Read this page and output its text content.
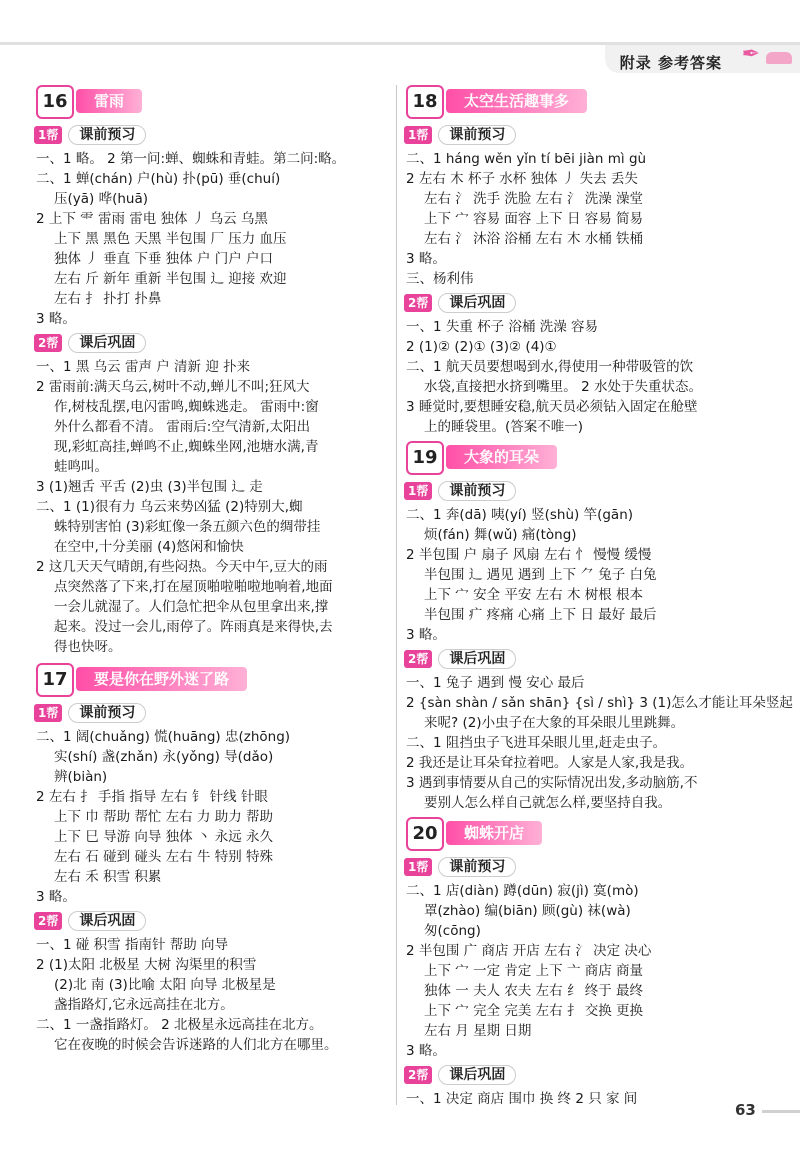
附录 参考答案 ✒
16	雷雨
1帮	课前预习
一、1 略。 2 第一问:蝉、蜘蛛和青蛙。第二问:略。
二、1 蝉(chán) 户(hù) 扑(pū) 垂(chuí)
压(yā) 哗(huā)
2 上下 ⻗ 雷雨 雷电 独体 丿 乌云 乌黑
上下 黑 黑色 天黑 半包围 厂 压力 血压
独体 丿 垂直 下垂 独体 户 门户 户口
左右 斤 新年 重新 半包围 辶 迎接 欢迎
左右 扌 扑打 扑鼻
3 略。
2帮	课后巩固
一、1 黑 乌云 雷声 户 清新 迎 扑来
2 雷雨前:满天乌云,树叶不动,蝉儿不叫;狂风大
作,树枝乱摆,电闪雷鸣,蜘蛛逃走。 雷雨中:窗
外什么都看不清。 雷雨后:空气清新,太阳出
现,彩虹高挂,蝉鸣不止,蜘蛛坐网,池塘水满,青
蛙鸣叫。
3 (1)翘舌 平舌 (2)虫 (3)半包围 辶 走
二、1 (1)很有力 乌云来势凶猛 (2)特别大,蜘
蛛特别害怕 (3)彩虹像一条五颜六色的绸带挂
在空中,十分美丽 (4)悠闲和愉快
2 这几天天气晴朗,有些闷热。今天中午,豆大的雨
点突然落了下来,打在屋顶啪啦啪啦地响着,地面
一会儿就湿了。人们急忙把伞从包里拿出来,撑
起来。没过一会儿,雨停了。阵雨真是来得快,去
得也快呀。
17	要是你在野外迷了路
1帮	课前预习
二、1 阔(chuǎng) 慌(huāng) 忠(zhōng)
实(shí) 盏(zhǎn) 永(yǒng) 导(dǎo)
辨(biàn)
2 左右 扌 手指 指导 左右 钅 针线 针眼
上下 巾 帮助 帮忙 左右 力 助力 帮助
上下 巳 导游 向导 独体 丶 永远 永久
左右 石 碰到 碰头 左右 牛 特别 特殊
左右 禾 积雪 积累
3 略。
2帮	课后巩固
一、1 碰 积雪 指南针 帮助 向导
2 (1)太阳 北极星 大树 沟渠里的积雪
(2)北 南 (3)比喻 太阳 向导 北极星是
盏指路灯,它永远高挂在北方。
二、1 一盏指路灯。 2 北极星永远高挂在北方。
它在夜晚的时候会告诉迷路的人们北方在哪里。
18	太空生活趣事多
1帮	课前预习
二、1 háng wěn yǐn tí bēi jiàn mì gù
2 左右 木 杯子 水杯 独体 丿 失去 丢失
左右 氵 洗手 洗脸 左右 氵 洗澡 澡堂
上下 宀 容易 面容 上下 日 容易 简易
左右 氵 沐浴 浴桶 左右 木 水桶 铁桶
3 略。
三、杨利伟
2帮	课后巩固
一、1 失重 杯子 浴桶 洗澡 容易
2 (1)② (2)① (3)② (4)①
二、1 航天员要想喝到水,得使用一种带吸管的饮
水袋,直接把水挤到嘴里。 2 水处于失重状态。
3 睡觉时,要想睡安稳,航天员必须钻入固定在舱壁
上的睡袋里。(答案不唯一)
19	大象的耳朵
1帮	课前预习
二、1 奔(dā) 咦(yí) 竖(shù) 竿(gān)
烦(fán) 舞(wǔ) 痛(tòng)
2 半包围 户 扇子 风扇 左右 忄 慢慢 缓慢
半包围 辶 遇见 遇到 上下 ⺈ 兔子 白兔
上下 宀 安全 平安 左右 木 树根 根本
半包围 疒 疼痛 心痛 上下 日 最好 最后
3 略。
2帮	课后巩固
一、1 兔子 遇到 慢 安心 最后
2 {sàn shàn / sǎn shān} {sì / shì} 3 (1)怎么才能让耳朵竖起
来呢? (2)小虫子在大象的耳朵眼儿里跳舞。
二、1 阻挡虫子飞进耳朵眼儿里,赶走虫子。
2 我还是让耳朵耷拉着吧。人家是人家,我是我。
3 遇到事情要从自己的实际情况出发,多动脑筋,不
要别人怎么样自己就怎么样,要坚持自我。
20	蜘蛛开店
1帮	课前预习
二、1 店(diàn) 蹲(dūn) 寂(jì) 寞(mò)
罩(zhào) 编(biān) 顾(gù) 袜(wà)
匆(cōng)
2 半包围 广 商店 开店 左右 氵 决定 决心
上下 宀 一定 肯定 上下 亠 商店 商量
独体 一 夫人 农夫 左右 纟 终于 最终
上下 宀 完全 完美 左右 扌 交换 更换
左右 月 星期 日期
3 略。
2帮	课后巩固
一、1 决定 商店 围巾 换 终 2 只 家 间
63
